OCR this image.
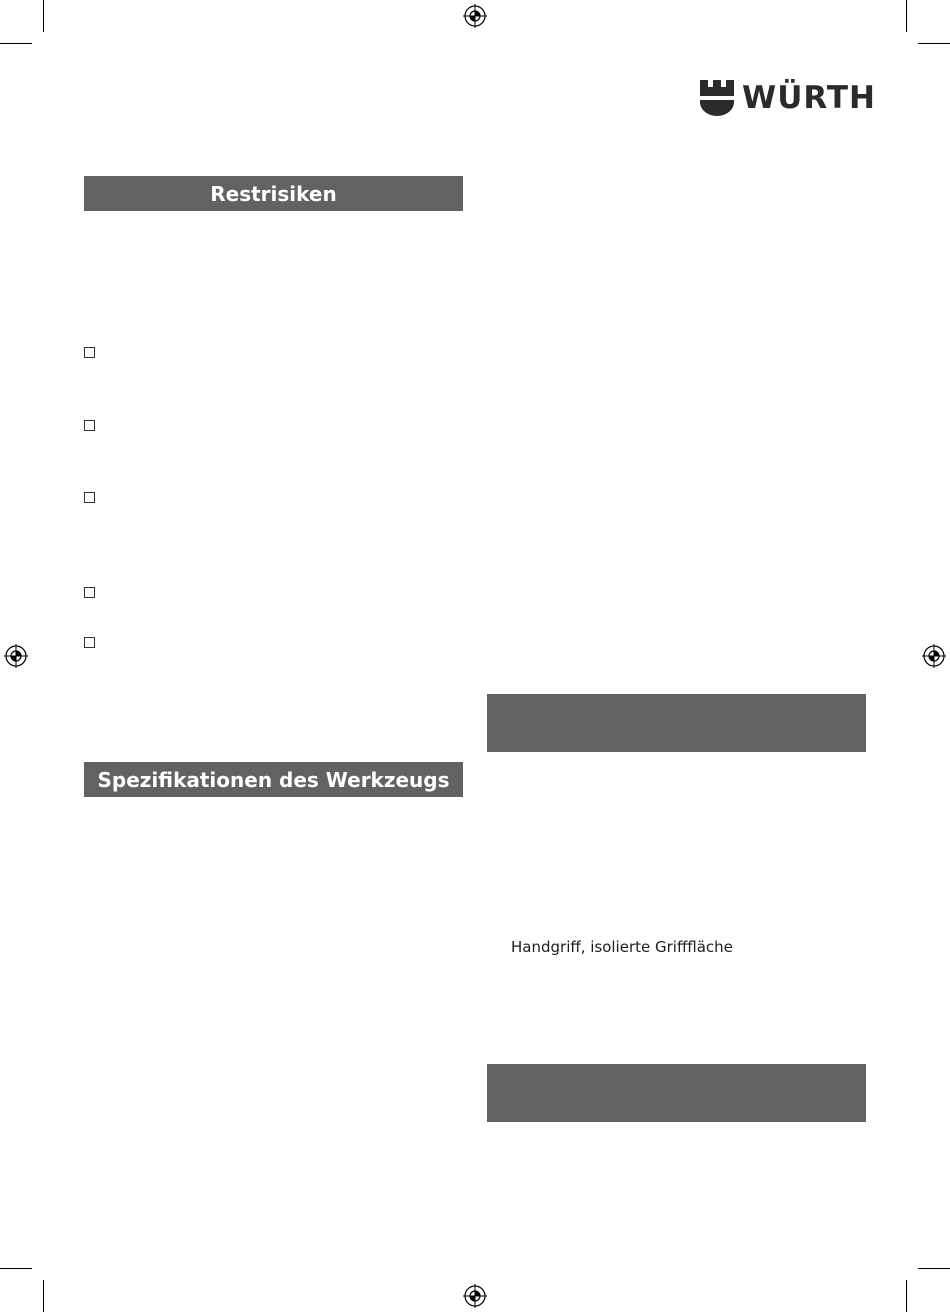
WÜRTH
Restrisiken
Spezifikationen des Werkzeugs
Handgriff, isolierte Grifffläche
